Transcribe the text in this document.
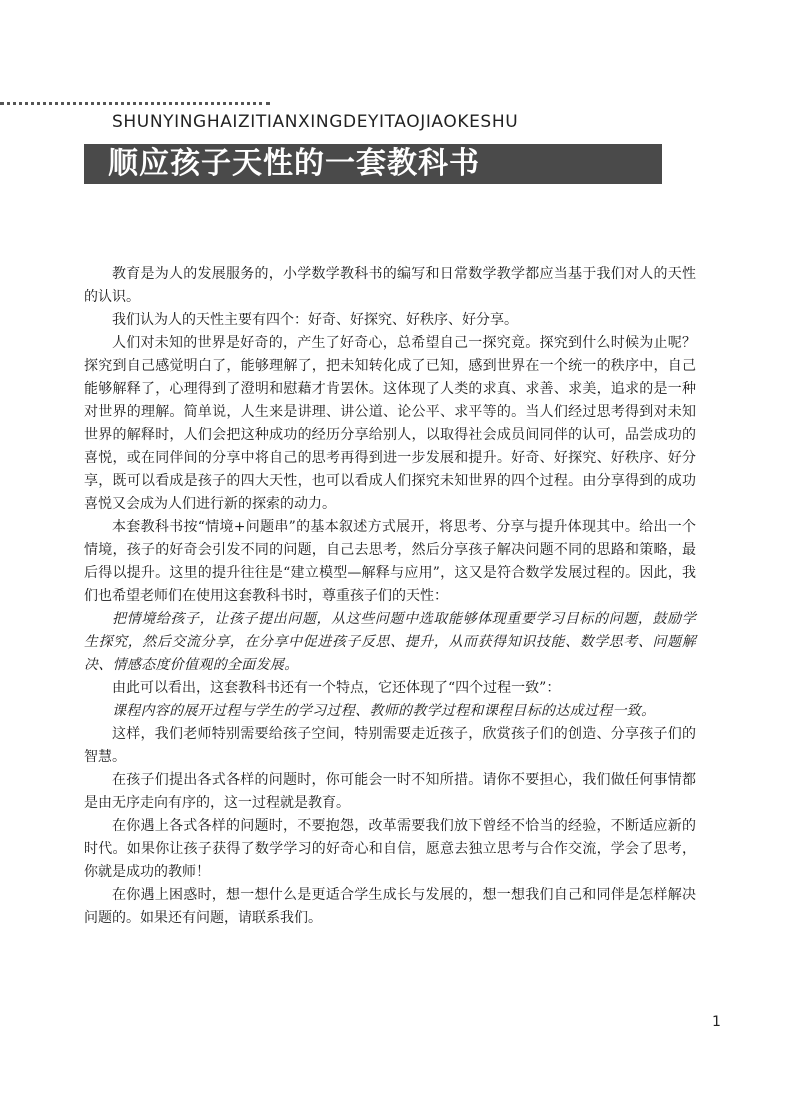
SHUNYINGHAIZITIANXINGDEYITAOJIAOKESHU
顺应孩子天性的一套教科书

教育是为人的发展服务的，小学数学教科书的编写和日常数学教学都应当基于我们对人的天性的认识。

我们认为人的天性主要有四个：好奇、好探究、好秩序、好分享。

人们对未知的世界是好奇的，产生了好奇心，总希望自己一探究竟。探究到什么时候为止呢？探究到自己感觉明白了，能够理解了，把未知转化成了已知，感到世界在一个统一的秩序中，自己能够解释了，心理得到了澄明和慰藉才肯罢休。这体现了人类的求真、求善、求美，追求的是一种对世界的理解。简单说，人生来是讲理、讲公道、论公平、求平等的。当人们经过思考得到对未知世界的解释时，人们会把这种成功的经历分享给别人，以取得社会成员间同伴的认可，品尝成功的喜悦，或在同伴间的分享中将自己的思考再得到进一步发展和提升。好奇、好探究、好秩序、好分享，既可以看成是孩子的四大天性，也可以看成人们探究未知世界的四个过程。由分享得到的成功喜悦又会成为人们进行新的探索的动力。

本套教科书按“情境+问题串”的基本叙述方式展开，将思考、分享与提升体现其中。给出一个情境，孩子的好奇会引发不同的问题，自己去思考，然后分享孩子解决问题不同的思路和策略，最后得以提升。这里的提升往往是“建立模型—解释与应用”，这又是符合数学发展过程的。因此，我们也希望老师们在使用这套教科书时，尊重孩子们的天性：

把情境给孩子，让孩子提出问题，从这些问题中选取能够体现重要学习目标的问题，鼓励学生探究，然后交流分享，在分享中促进孩子反思、提升，从而获得知识技能、数学思考、问题解决、情感态度价值观的全面发展。

由此可以看出，这套教科书还有一个特点，它还体现了“四个过程一致”：

课程内容的展开过程与学生的学习过程、教师的教学过程和课程目标的达成过程一致。

这样，我们老师特别需要给孩子空间，特别需要走近孩子，欣赏孩子们的创造、分享孩子们的智慧。

在孩子们提出各式各样的问题时，你可能会一时不知所措。请你不要担心，我们做任何事情都是由无序走向有序的，这一过程就是教育。

在你遇上各式各样的问题时，不要抱怨，改革需要我们放下曾经不恰当的经验，不断适应新的时代。如果你让孩子获得了数学学习的好奇心和自信，愿意去独立思考与合作交流，学会了思考，你就是成功的教师！

在你遇上困惑时，想一想什么是更适合学生成长与发展的，想一想我们自己和同伴是怎样解决问题的。如果还有问题，请联系我们。

1
